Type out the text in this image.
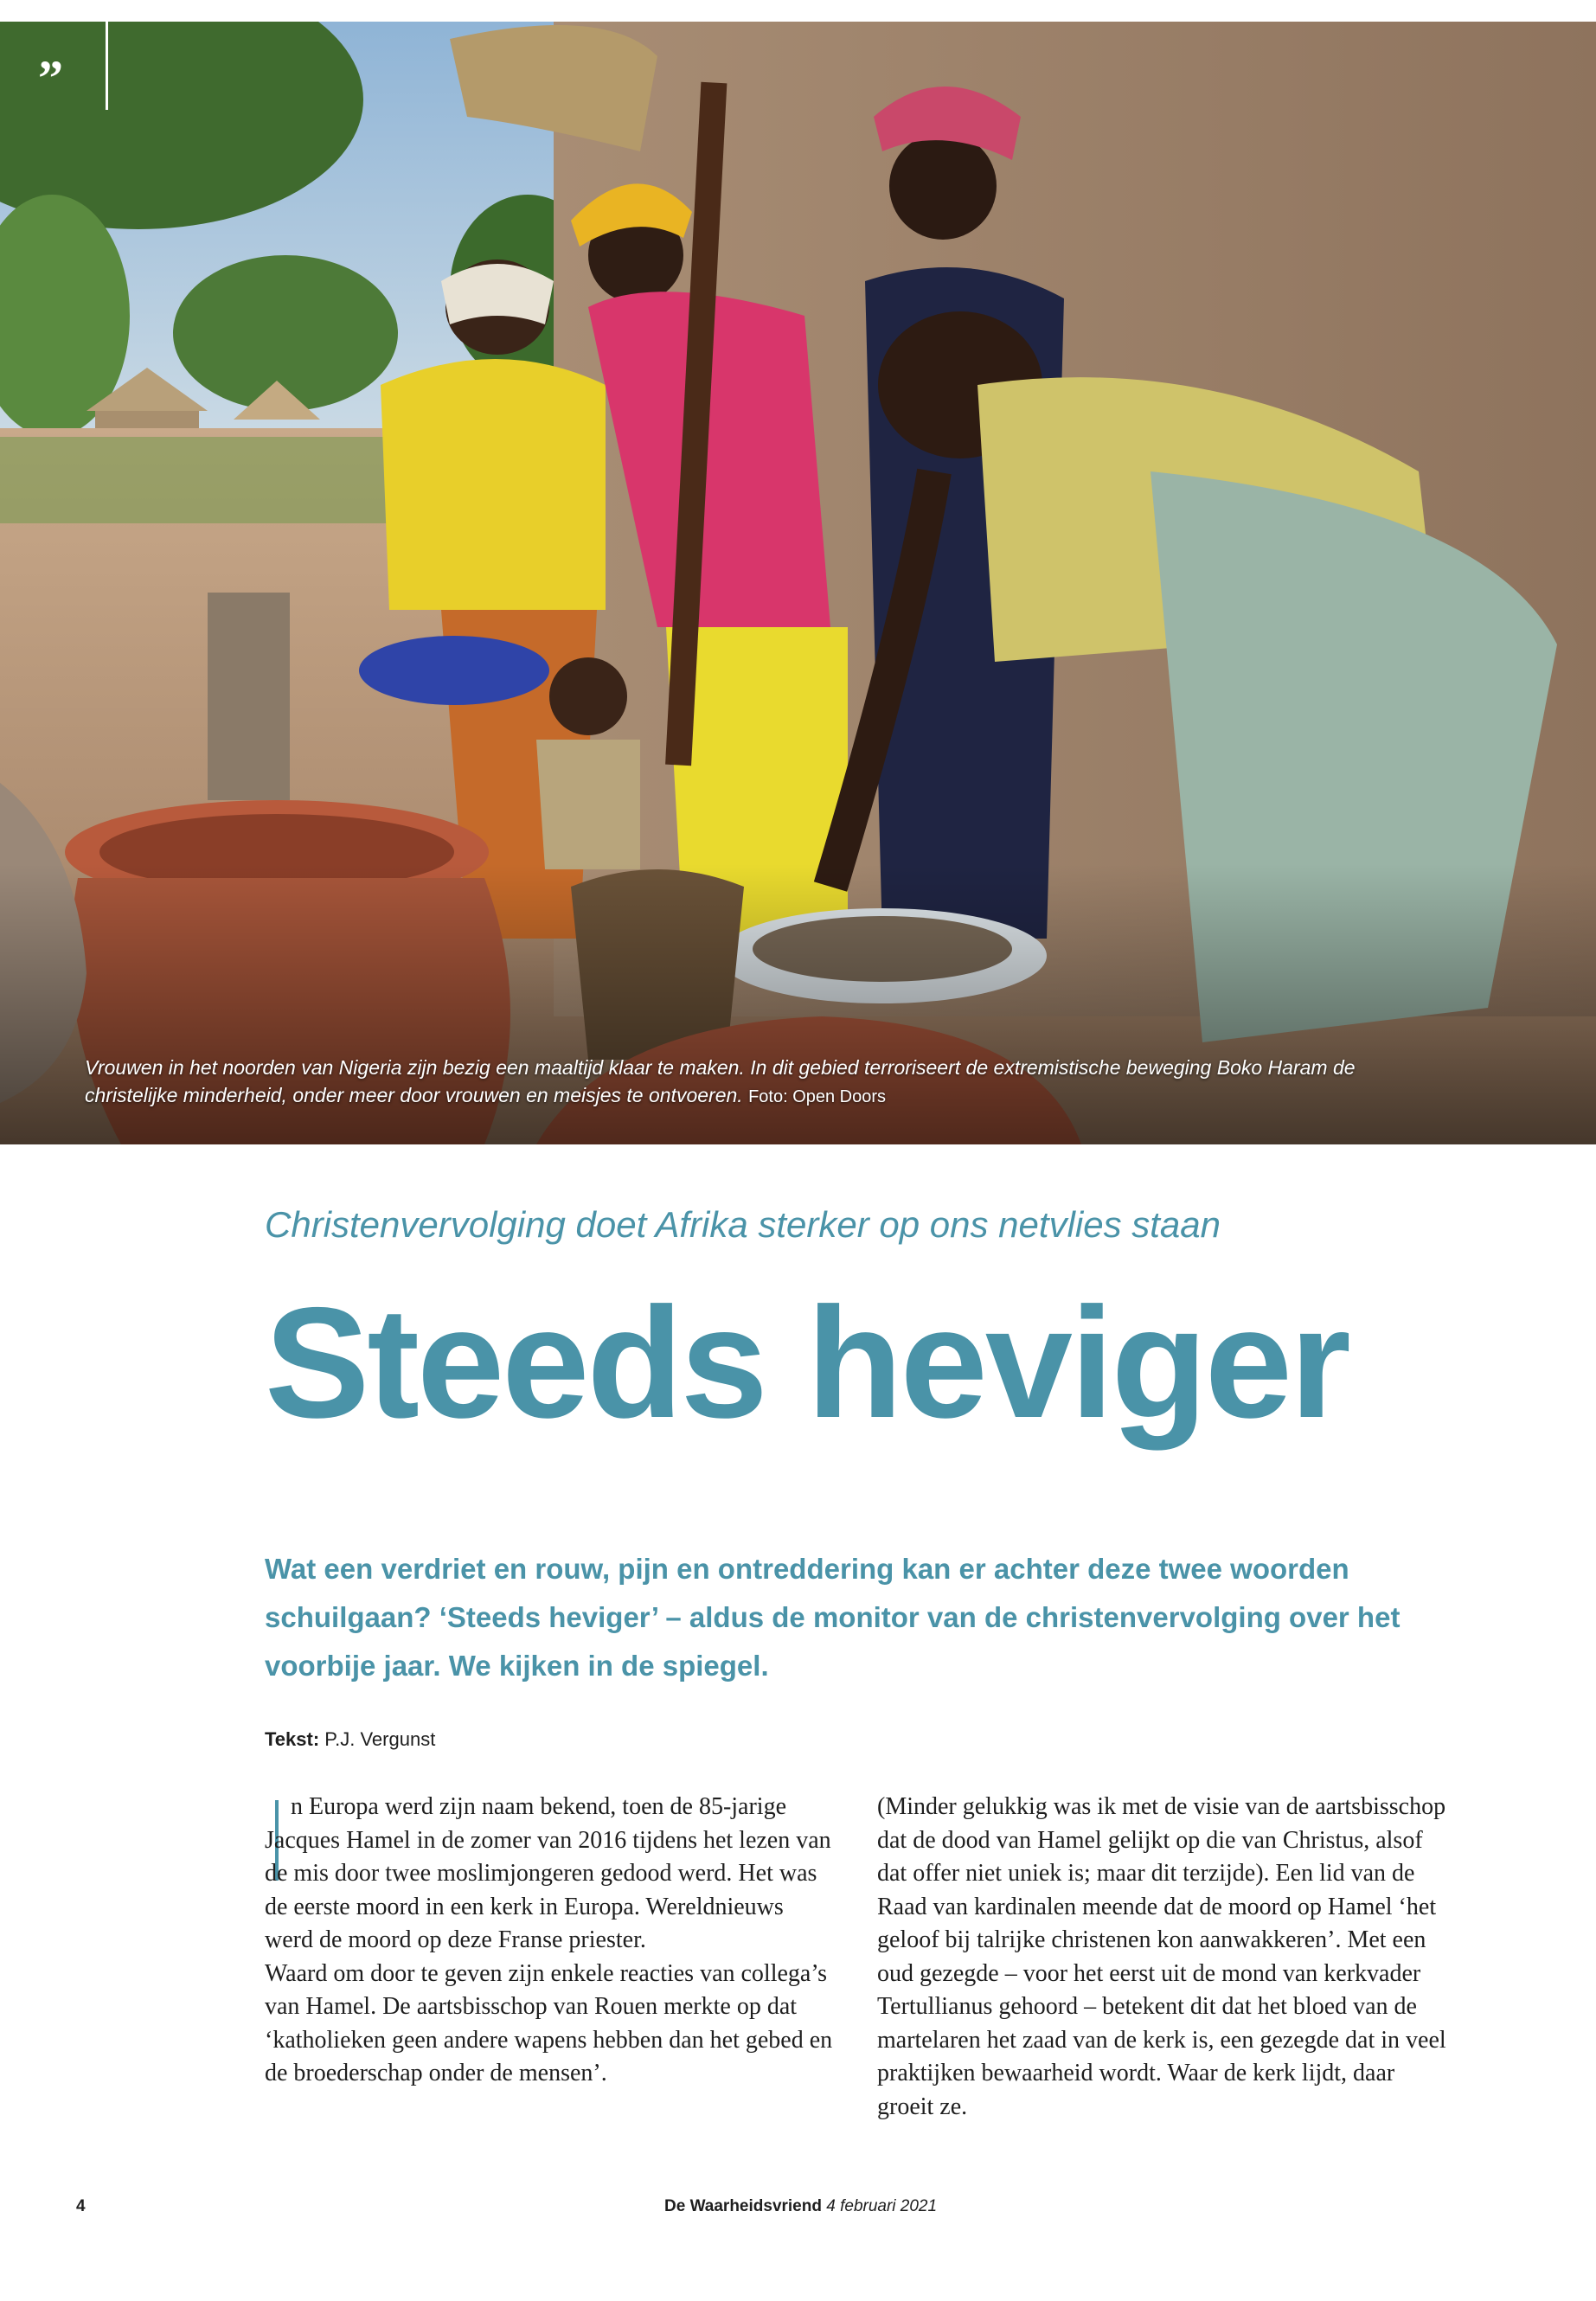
”
Vrouwen in het noorden van Nigeria zijn bezig een maaltijd klaar te maken. In dit gebied terroriseert de extremistische beweging Boko Haram de christelijke minderheid, onder meer door vrouwen en meisjes te ontvoeren. Foto: Open Doors
Christenvervolging doet Afrika sterker op ons netvlies staan
Steeds heviger
Wat een verdriet en rouw, pijn en ontreddering kan er achter deze twee woorden schuilgaan? ‘Steeds heviger’ – aldus de monitor van de christenvervolging over het voorbije jaar. We kijken in de spiegel.
Tekst: P.J. Vergunst

n Europa werd zijn naam bekend, toen de 85-jarige Jacques Hamel in de zomer van 2016 tijdens het lezen van de mis door twee moslimjongeren gedood werd. Het was de eerste moord in een kerk in Europa. Wereldnieuws werd de moord op deze Franse priester.

Waard om door te geven zijn enkele reacties van collega’s van Hamel. De aartsbisschop van Rouen merkte op dat ‘katholieken geen andere wapens hebben dan het gebed en de broederschap onder de mensen’.

(Minder gelukkig was ik met de visie van de aartsbisschop dat de dood van Hamel gelijkt op die van Christus, alsof dat offer niet uniek is; maar dit terzijde). Een lid van de Raad van kardinalen meende dat de moord op Hamel ‘het geloof bij talrijke christenen kon aanwakkeren’. Met een oud gezegde – voor het eerst uit de mond van kerkvader Tertullianus gehoord – betekent dit dat het bloed van de martelaren het zaad van de kerk is, een gezegde dat in veel praktijken bewaarheid wordt. Waar de kerk lijdt, daar groeit ze.

4	De Waarheidsvriend 4 februari 2021
